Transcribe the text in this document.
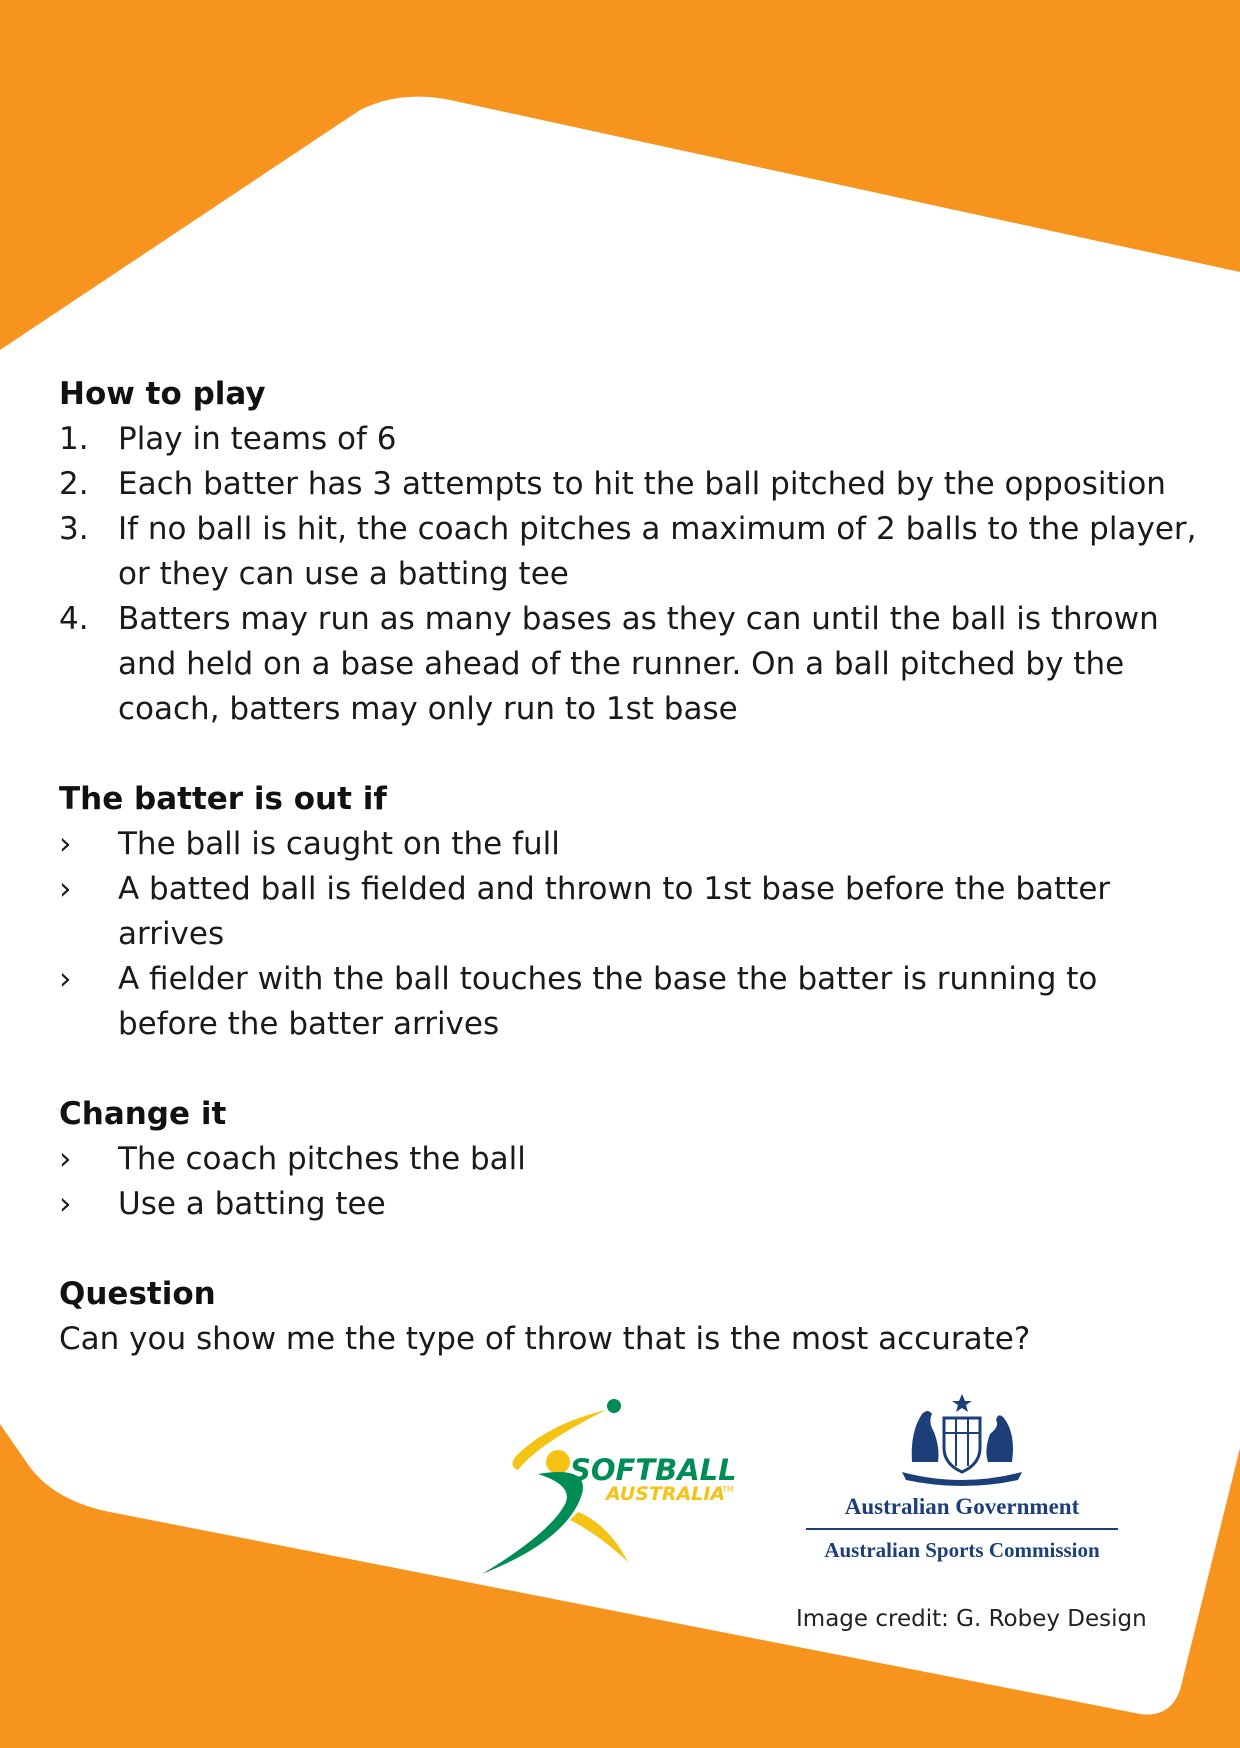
How to play
1. Play in teams of 6
2. Each batter has 3 attempts to hit the ball pitched by the opposition
3. If no ball is hit, the coach pitches a maximum of 2 balls to the player, or they can use a batting tee
4. Batters may run as many bases as they can until the ball is thrown and held on a base ahead of the runner. On a ball pitched by the coach, batters may only run to 1st base
The batter is out if
›	The ball is caught on the full
›	A batted ball is fielded and thrown to 1st base before the batter arrives
›	A fielder with the ball touches the base the batter is running to before the batter arrives
Change it
›	The coach pitches the ball
›	Use a batting tee
Question

Can you show me the type of throw that is the most accurate?

SOFTBALL
AUSTRALIA
TM
Australian Government
Australian Sports Commission
Image credit: G. Robey Design
